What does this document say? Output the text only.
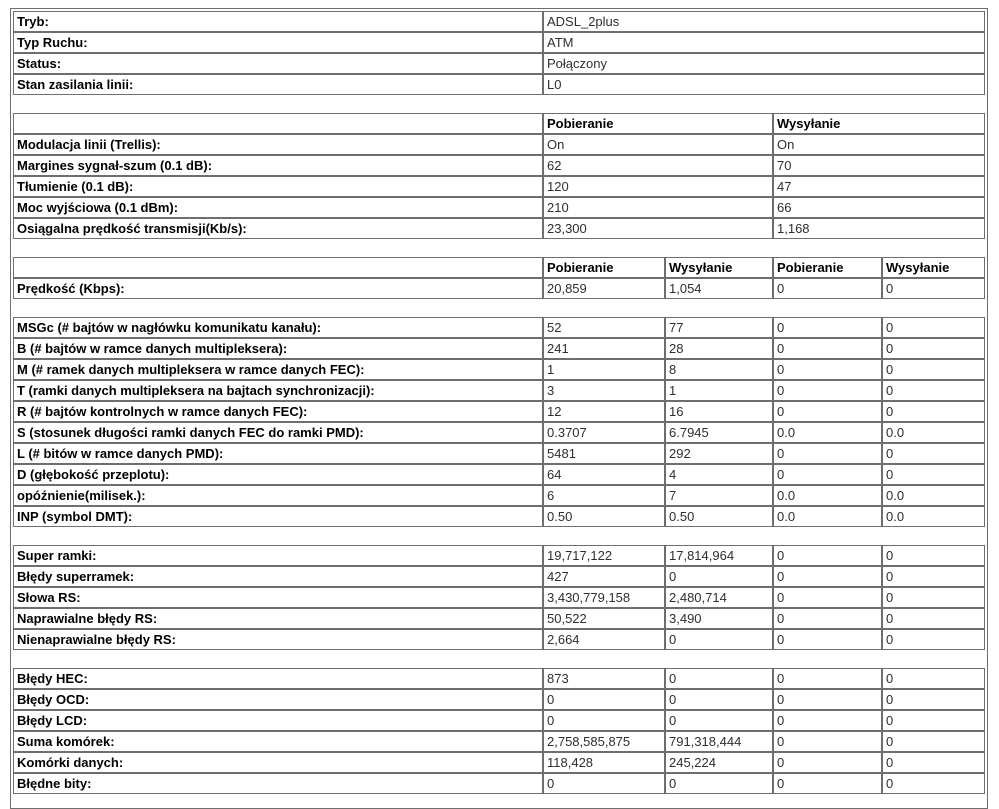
Tryb:	ADSL_2plus
Typ Ruchu:	ATM
Status:	Połączony
Stan zasilania linii:	L0
	Pobieranie	Wysyłanie
Modulacja linii (Trellis):	On	On
Margines sygnał-szum (0.1 dB):	62	70
Tłumienie (0.1 dB):	120	47
Moc wyjściowa (0.1 dBm):	210	66
Osiągalna prędkość transmisji(Kb/s):	23,300	1,168
	Pobieranie	Wysyłanie	Pobieranie	Wysyłanie
Prędkość (Kbps):	20,859	1,054	0	0
MSGc (# bajtów w nagłówku komunikatu kanału):	52	77	0	0
B (# bajtów w ramce danych multipleksera):	241	28	0	0
M (# ramek danych multipleksera w ramce danych FEC):	1	8	0	0
T (ramki danych multipleksera na bajtach synchronizacji):	3	1	0	0
R (# bajtów kontrolnych w ramce danych FEC):	12	16	0	0
S (stosunek długości ramki danych FEC do ramki PMD):	0.3707	6.7945	0.0	0.0
L (# bitów w ramce danych PMD):	5481	292	0	0
D (głębokość przeplotu):	64	4	0	0
opóźnienie(milisek.):	6	7	0.0	0.0
INP (symbol DMT):	0.50	0.50	0.0	0.0
Super ramki:	19,717,122	17,814,964	0	0
Błędy superramek:	427	0	0	0
Słowa RS:	3,430,779,158	2,480,714	0	0
Naprawialne błędy RS:	50,522	3,490	0	0
Nienaprawialne błędy RS:	2,664	0	0	0
Błędy HEC:	873	0	0	0
Błędy OCD:	0	0	0	0
Błędy LCD:	0	0	0	0
Suma komórek:	2,758,585,875	791,318,444	0	0
Komórki danych:	118,428	245,224	0	0
Błędne bity:	0	0	0	0
